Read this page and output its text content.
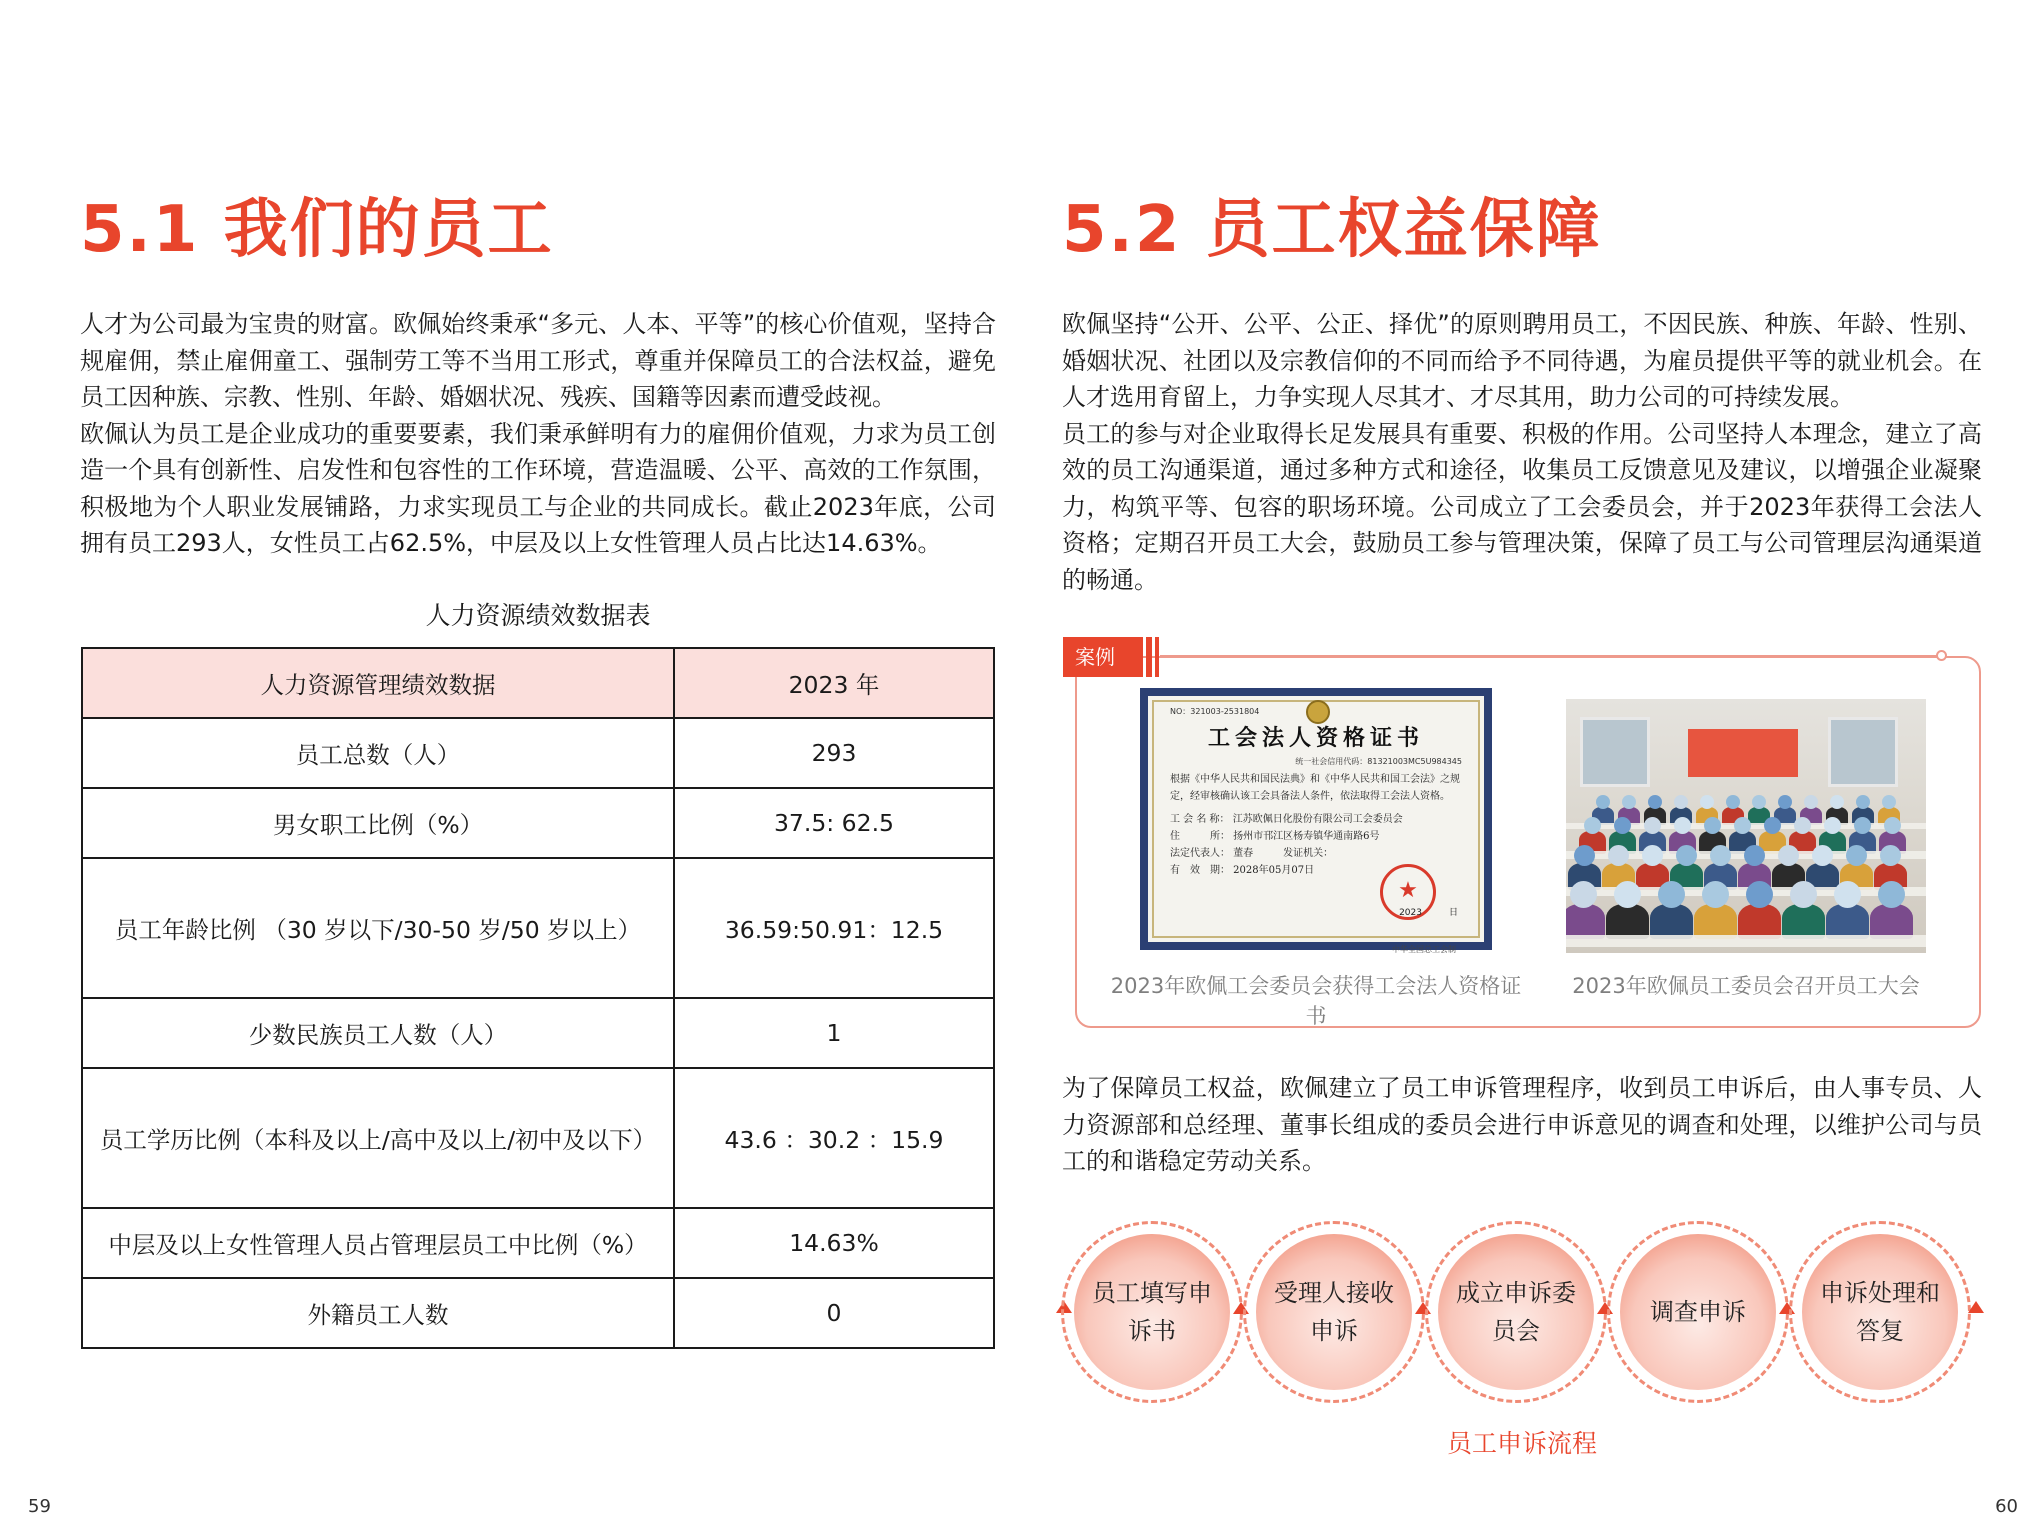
5.1 我们的员工

人才为公司最为宝贵的财富。欧佩始终秉承“多元、人本、平等”的核心价值观，坚持合规雇佣，禁止雇佣童工、强制劳工等不当用工形式，尊重并保障员工的合法权益，避免员工因种族、宗教、性别、年龄、婚姻状况、残疾、国籍等因素而遭受歧视。

欧佩认为员工是企业成功的重要要素，我们秉承鲜明有力的雇佣价值观，力求为员工创造一个具有创新性、启发性和包容性的工作环境，营造温暖、公平、高效的工作氛围，积极地为个人职业发展铺路，力求实现员工与企业的共同成长。截止2023年底，公司拥有员工293人，女性员工占62.5%，中层及以上女性管理人员占比达14.63%。

人力资源绩效数据表
人力资源管理绩效数据	2023 年
员工总数（人）	293
男女职工比例（%）	37.5: 62.5
员工年龄比例 （30 岁以下/30-50 岁/50 岁以上）	36.59:50.91：12.5
少数民族员工人数（人）	1
员工学历比例（本科及以上/高中及以上/初中及以下）	43.6 ：30.2 ：15.9
中层及以上女性管理人员占管理层员工中比例（%）	14.63%
外籍员工人数	0
59
5.2 员工权益保障

欧佩坚持“公开、公平、公正、择优”的原则聘用员工，不因民族、种族、年龄、性别、婚姻状况、社团以及宗教信仰的不同而给予不同待遇，为雇员提供平等的就业机会。在人才选用育留上，力争实现人尽其才、才尽其用，助力公司的可持续发展。

员工的参与对企业取得长足发展具有重要、积极的作用。公司坚持人本理念，建立了高效的员工沟通渠道，通过多种方式和途径，收集员工反馈意见及建议，以增强企业凝聚力，构筑平等、包容的职场环境。公司成立了工会委员会，并于2023年获得工会法人资格；定期召开员工大会，鼓励员工参与管理决策，保障了员工与公司管理层沟通渠道的畅通。

案例
NO：321003-2531804
工会法人资格证书
统一社会信用代码：81321003MC5U984345
根据《中华人民共和国民法典》和《中华人民共和国工会法》之规定，经审核确认该工会具备法人条件，依法取得工会法人资格。
工 会 名 称： 江苏欧佩日化股份有限公司工会委员会
住　　　所： 扬州市邗江区杨寿镇华通南路6号
法定代表人： 董春　　　发证机关：
有　效　期： 2028年05月07日
★
2023　　　	日
中华全国总工会制
2023年欧佩工会委员会获得工会法人资格证书
2023年欧佩员工委员会召开员工大会
为了保障员工权益，欧佩建立了员工申诉管理程序，收到员工申诉后，由人事专员、人力资源部和总经理、董事长组成的委员会进行申诉意见的调查和处理，以维护公司与员工的和谐稳定劳动关系。
员工填写申诉书
受理人接收申诉
成立申诉委员会
调查申诉
申诉处理和答复
员工申诉流程
60
